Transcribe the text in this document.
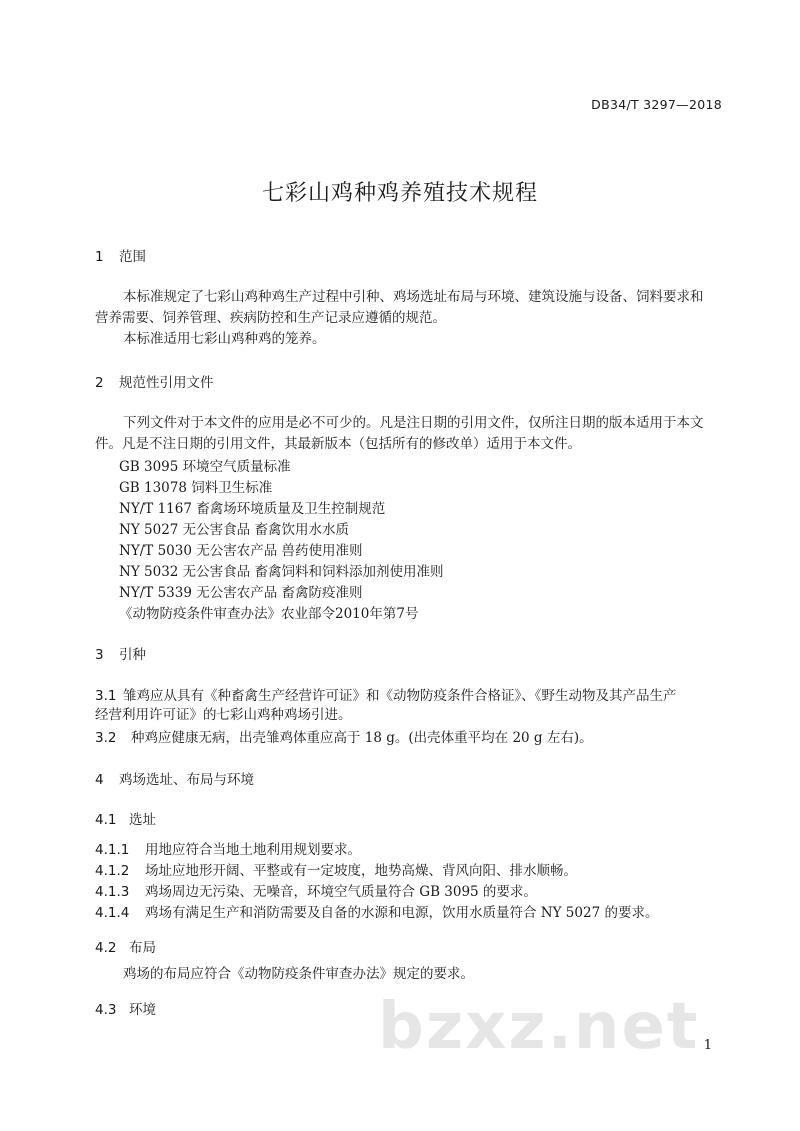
DB34/T 3297—2018
七彩山鸡种鸡养殖技术规程
1 范围
本标准规定了七彩山鸡种鸡生产过程中引种、鸡场选址布局与环境、建筑设施与设备、饲料要求和
营养需要、饲养管理、疾病防控和生产记录应遵循的规范。
本标准适用七彩山鸡种鸡的笼养。
2 规范性引用文件
下列文件对于本文件的应用是必不可少的。凡是注日期的引用文件，仅所注日期的版本适用于本文
件。凡是不注日期的引用文件，其最新版本（包括所有的修改单）适用于本文件。
GB 3095 环境空气质量标准
GB 13078 饲料卫生标准
NY/T 1167 畜禽场环境质量及卫生控制规范
NY 5027 无公害食品 畜禽饮用水水质
NY/T 5030 无公害农产品 兽药使用准则
NY 5032 无公害食品 畜禽饲料和饲料添加剂使用准则
NY/T 5339 无公害农产品 畜禽防疫准则
《动物防疫条件审查办法》农业部令2010年第7号
3 引种
3.1 雏鸡应从具有《种畜禽生产经营许可证》和《动物防疫条件合格证》、《野生动物及其产品生产
经营利用许可证》的七彩山鸡种鸡场引进。
3.2 种鸡应健康无病，出壳雏鸡体重应高于 18 g。(出壳体重平均在 20 g 左右)。
4 鸡场选址、布局与环境
4.1 选址
4.1.1 用地应符合当地土地利用规划要求。
4.1.2 场址应地形开阔、平整或有一定坡度，地势高燥、背风向阳、排水顺畅。
4.1.3 鸡场周边无污染、无噪音，环境空气质量符合 GB 3095 的要求。
4.1.4 鸡场有满足生产和消防需要及自备的水源和电源，饮用水质量符合 NY 5027 的要求。
4.2 布局
鸡场的布局应符合《动物防疫条件审查办法》规定的要求。
4.3 环境	bzxz.net 1
